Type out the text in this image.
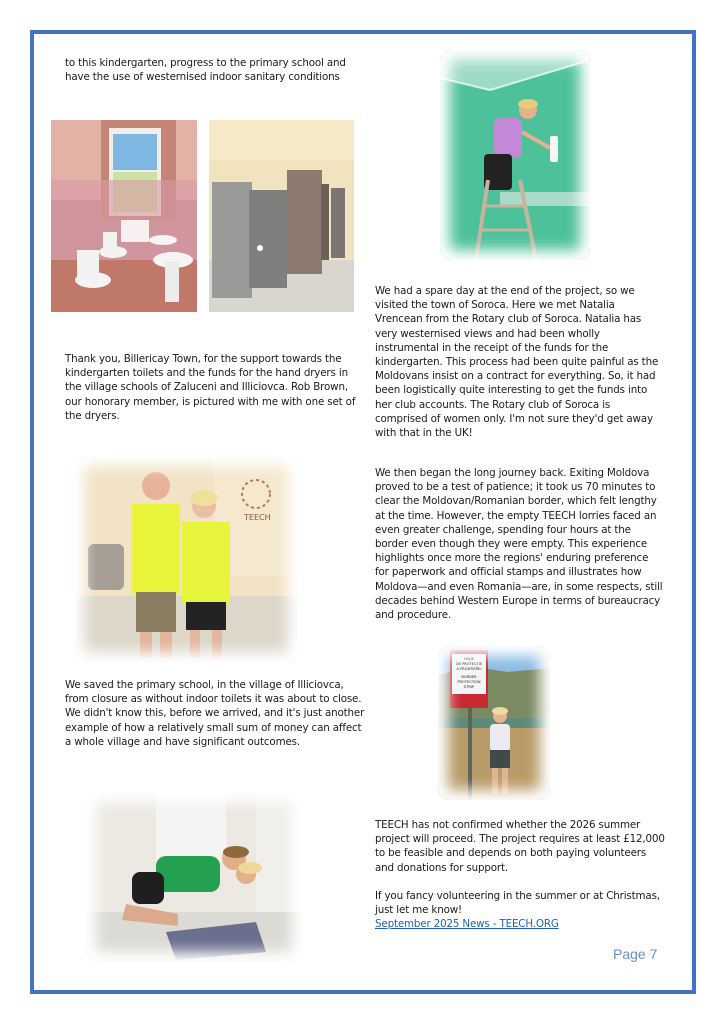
to this kindergarten, progress to the primary school and have the use of westernised indoor sanitary conditions

Thank you, Billericay Town, for the support towards the kindergarten toilets and the funds for the hand dryers in the village schools of Zaluceni and Illiciovca. Rob Brown, our honorary member, is pictured with me with one set of the dryers.

TEECH

We saved the primary school, in the village of Illiciovca, from closure as without indoor toilets it was about to close. We didn't know this, before we arrived, and it's just another example of how a relatively small sum of money can affect a whole village and have significant outcomes.

We had a spare day at the end of the project, so we visited the town of Soroca. Here we met Natalia Vrencean from the Rotary club of Soroca. Natalia has very westernised views and had been wholly instrumental in the receipt of the funds for the kindergarten. This process had been quite painful as the Moldovans insist on a contract for everything. So, it had been logistically quite interesting to get the funds into her club accounts. The Rotary club of Soroca is comprised of women only. I'm not sure they'd get away with that in the UK!

We then began the long journey back. Exiting Moldova proved to be a test of patience; it took us 70 minutes to clear the Moldovan/Romanian border, which felt lengthy at the time. However, the empty TEECH lorries faced an even greater challenge, spending four hours at the border even though they were empty. This experience highlights once more the regions' enduring preference for paperwork and official stamps and illustrates how Moldova—and even Romania—are, in some respects, still decades behind Western Europe in terms of bureaucracy and procedure.

FÂȘIE
DE PROTECȚIE
A FRONTIEREI
BORDER
PROTECTION
STRIP

TEECH has not confirmed whether the 2026 summer project will proceed. The project requires at least £12,000 to be feasible and depends on both paying volunteers and donations for support.

If you fancy volunteering in the summer or at Christmas, just let me know!

September 2025 News - TEECH.ORG

Page 7
